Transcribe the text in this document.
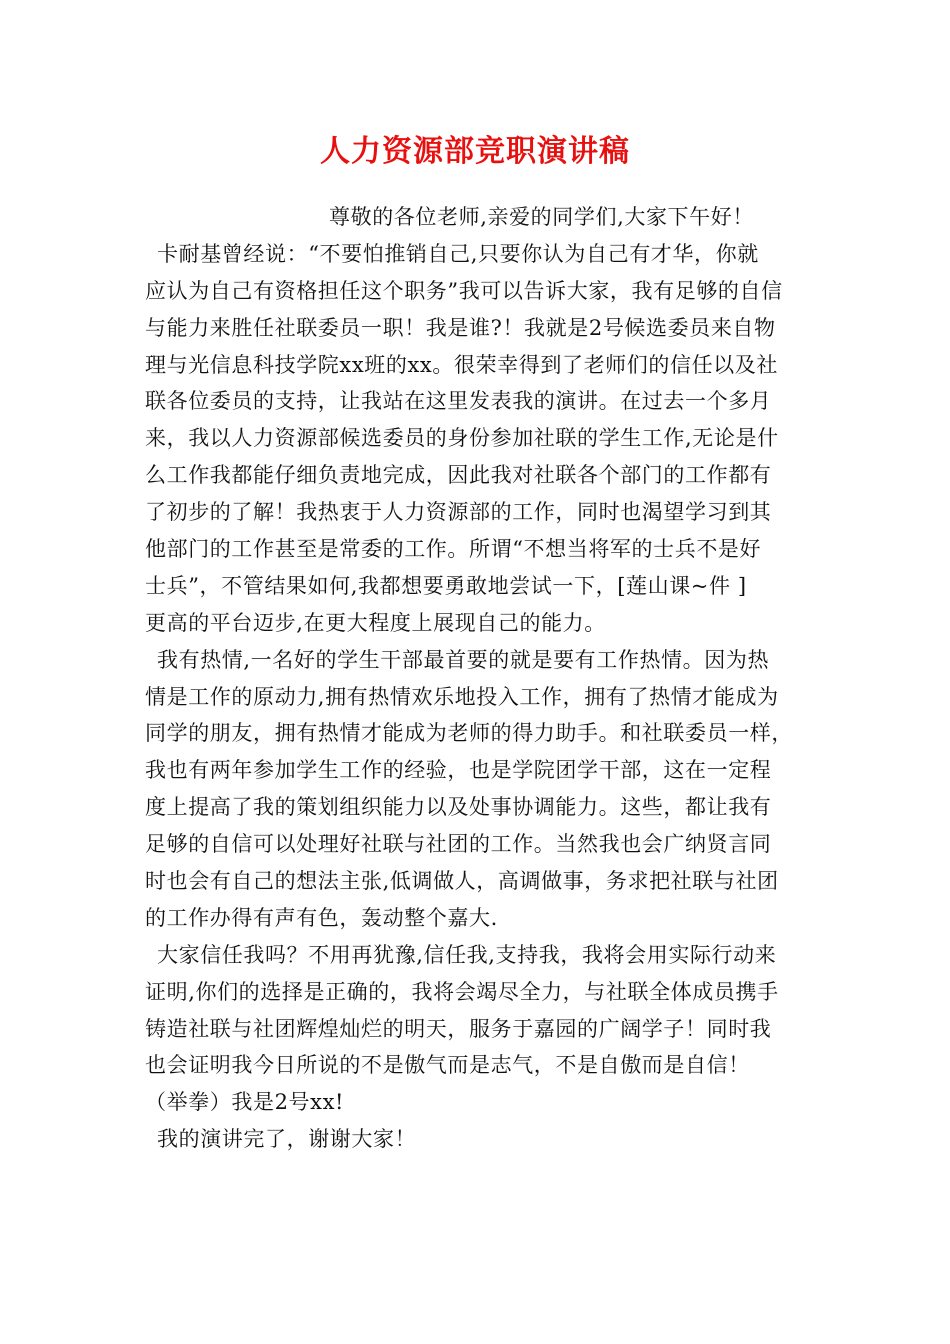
人力资源部竞职演讲稿
尊敬的各位老师,亲爱的同学们,大家下午好！
卡耐基曾经说：“不要怕推销自己,只要你认为自己有才华，你就
应认为自己有资格担任这个职务”我可以告诉大家，我有足够的自信
与能力来胜任社联委员一职！我是谁?！我就是2号候选委员来自物
理与光信息科技学院xx班的xx。很荣幸得到了老师们的信任以及社
联各位委员的支持，让我站在这里发表我的演讲。在过去一个多月
来，我以人力资源部候选委员的身份参加社联的学生工作,无论是什
么工作我都能仔细负责地完成，因此我对社联各个部门的工作都有
了初步的了解！我热衷于人力资源部的工作，同时也渴望学习到其
他部门的工作甚至是常委的工作。所谓“不想当将军的士兵不是好
士兵”，不管结果如何,我都想要勇敢地尝试一下，[莲山课~件 ]
更高的平台迈步,在更大程度上展现自己的能力。
我有热情,一名好的学生干部最首要的就是要有工作热情。因为热
情是工作的原动力,拥有热情欢乐地投入工作，拥有了热情才能成为
同学的朋友，拥有热情才能成为老师的得力助手。和社联委员一样，
我也有两年参加学生工作的经验，也是学院团学干部，这在一定程
度上提高了我的策划组织能力以及处事协调能力。这些，都让我有
足够的自信可以处理好社联与社团的工作。当然我也会广纳贤言同
时也会有自己的想法主张,低调做人，高调做事，务求把社联与社团
的工作办得有声有色，轰动整个嘉大.
大家信任我吗？不用再犹豫,信任我,支持我，我将会用实际行动来
证明,你们的选择是正确的，我将会竭尽全力，与社联全体成员携手
铸造社联与社团辉煌灿烂的明天，服务于嘉园的广阔学子！同时我
也会证明我今日所说的不是傲气而是志气，不是自傲而是自信！
（举拳）我是2号xx!
我的演讲完了，谢谢大家！
